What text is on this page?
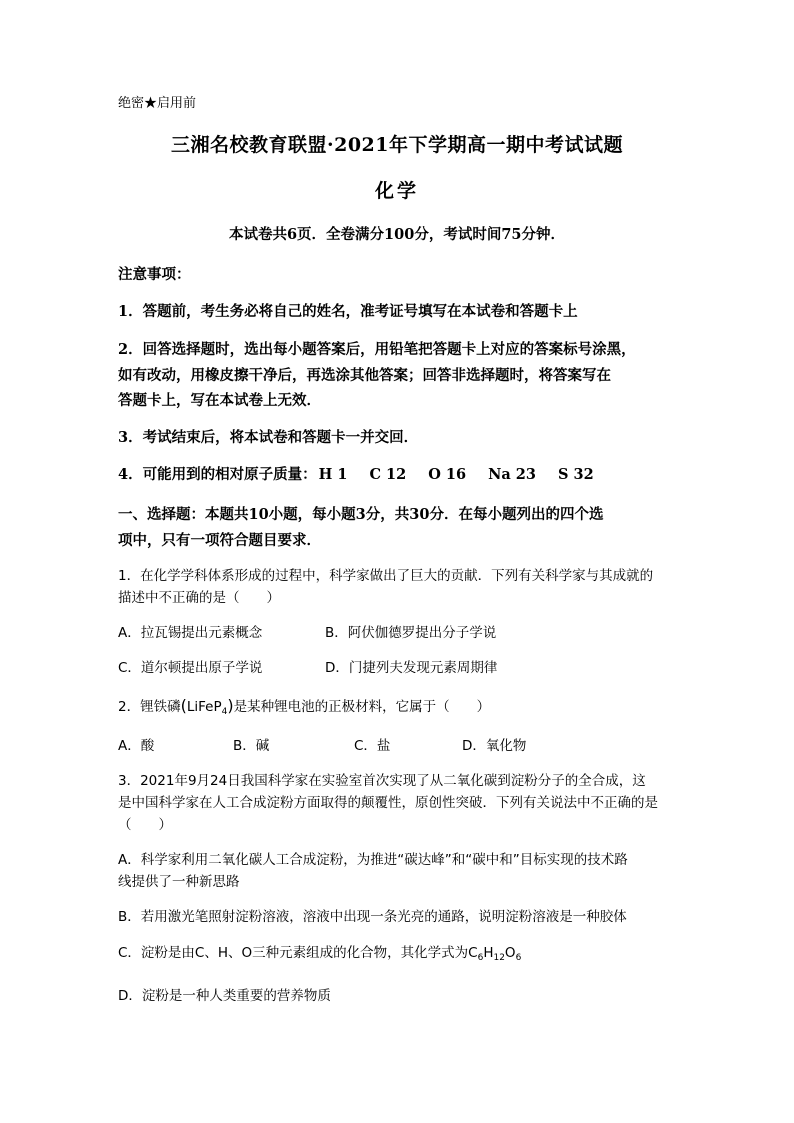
绝密★启用前
三湘名校教育联盟·2021年下学期高一期中考试试题
化学
本试卷共6页．全卷满分100分，考试时间75分钟．
注意事项：
1．答题前，考生务必将自己的姓名，准考证号填写在本试卷和答题卡上
2．回答选择题时，选出每小题答案后，用铅笔把答题卡上对应的答案标号涂黑，
如有改动，用橡皮擦干净后，再选涂其他答案；回答非选择题时，将答案写在
答题卡上，写在本试卷上无效．
3．考试结束后，将本试卷和答题卡一并交回．
4．可能用到的相对原子质量： H 1 C 12 O 16 Na 23 S 32
一、选择题：本题共10小题，每小题3分，共30分．在每小题列出的四个选
项中，只有一项符合题目要求．
1．在化学学科体系形成的过程中，科学家做出了巨大的贡献．下列有关科学家与其成就的
描述中不正确的是（　　）
A．拉瓦锡提出元素概念	B．阿伏伽德罗提出分子学说
C．道尔顿提出原子学说	D．门捷列夫发现元素周期律
2．锂铁磷(LiFeP$_4$)是某种锂电池的正极材料，它属于（　　）
A．酸	B．碱	C．盐	D．氧化物
3．2021年9月24日我国科学家在实验室首次实现了从二氧化碳到淀粉分子的全合成，这
是中国科学家在人工合成淀粉方面取得的颠覆性，原创性突破．下列有关说法中不正确的是
（　　）
A．科学家利用二氧化碳人工合成淀粉，为推进“碳达峰”和“碳中和”目标实现的技术路
线提供了一种新思路
B．若用激光笔照射淀粉溶液，溶液中出现一条光亮的通路，说明淀粉溶液是一种胶体
C．淀粉是由C、H、O三种元素组成的化合物，其化学式为$C_6H_{12}O_6$
D．淀粉是一种人类重要的营养物质
